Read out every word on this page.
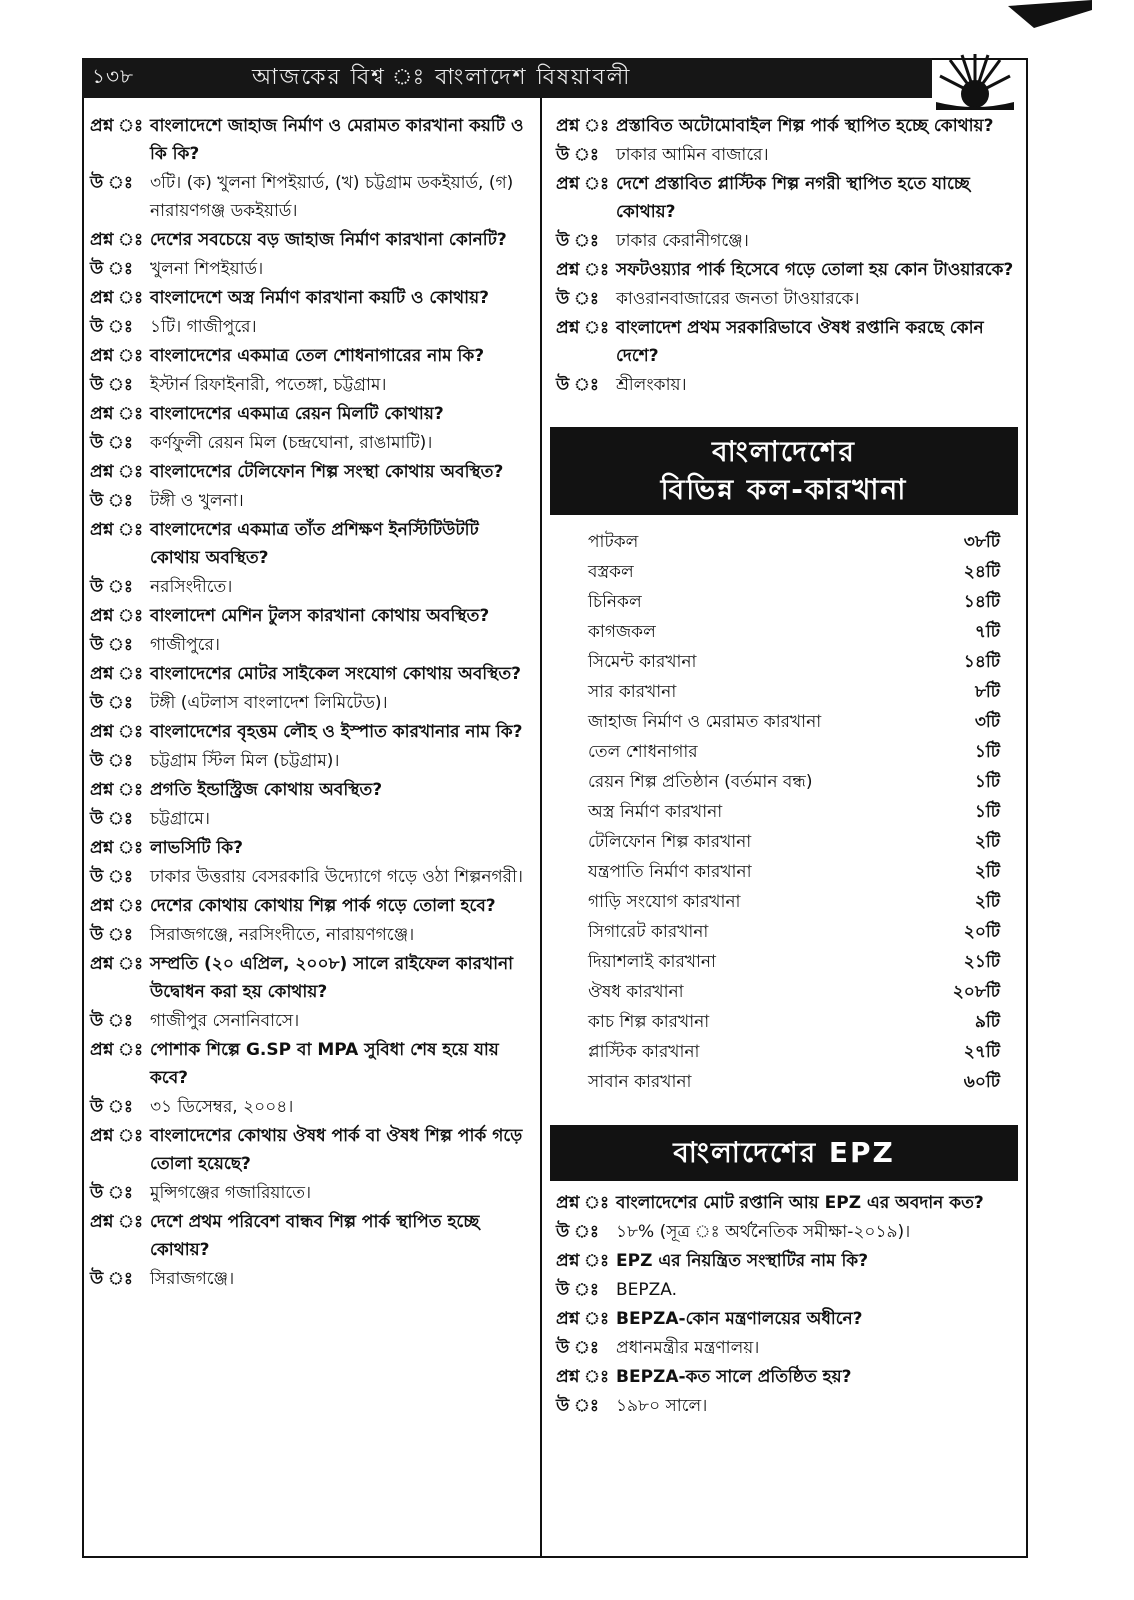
১৩৮	আজকের বিশ্ব ঃ বাংলাদেশ বিষয়াবলী
প্রশ্ন ঃ বাংলাদেশে জাহাজ নির্মাণ ও মেরামত কারখানা কয়টি ও কি কি?
উ ঃ	৩টি। (ক) খুলনা শিপইয়ার্ড, (খ) চট্টগ্রাম ডকইয়ার্ড, (গ) নারায়ণগঞ্জ ডকইয়ার্ড।
প্রশ্ন ঃ দেশের সবচেয়ে বড় জাহাজ নির্মাণ কারখানা কোনটি?
উ ঃ	খুলনা শিপইয়ার্ড।
প্রশ্ন ঃ বাংলাদেশে অস্ত্র নির্মাণ কারখানা কয়টি ও কোথায়?
উ ঃ	১টি। গাজীপুরে।
প্রশ্ন ঃ বাংলাদেশের একমাত্র তেল শোধনাগারের নাম কি?
উ ঃ	ইস্টার্ন রিফাইনারী, পতেঙ্গা, চট্টগ্রাম।
প্রশ্ন ঃ বাংলাদেশের একমাত্র রেয়ন মিলটি কোথায়?
উ ঃ	কর্ণফুলী রেয়ন মিল (চন্দ্রঘোনা, রাঙামাটি)।
প্রশ্ন ঃ বাংলাদেশের টেলিফোন শিল্প সংস্থা কোথায় অবস্থিত?
উ ঃ	টঙ্গী ও খুলনা।
প্রশ্ন ঃ বাংলাদেশের একমাত্র তাঁত প্রশিক্ষণ ইনস্টিটিউটটি কোথায় অবস্থিত?
উ ঃ	নরসিংদীতে।
প্রশ্ন ঃ বাংলাদেশ মেশিন টুলস কারখানা কোথায় অবস্থিত?
উ ঃ	গাজীপুরে।
প্রশ্ন ঃ বাংলাদেশের মোটর সাইকেল সংযোগ কোথায় অবস্থিত?
উ ঃ	টঙ্গী (এটলাস বাংলাদেশ লিমিটেড)।
প্রশ্ন ঃ বাংলাদেশের বৃহত্তম লৌহ ও ইস্পাত কারখানার নাম কি?
উ ঃ	চট্টগ্রাম স্টিল মিল (চট্টগ্রাম)।
প্রশ্ন ঃ প্রগতি ইন্ডাস্ট্রিজ কোথায় অবস্থিত?
উ ঃ	চট্টগ্রামে।
প্রশ্ন ঃ লাভসিটি কি?
উ ঃ	ঢাকার উত্তরায় বেসরকারি উদ্যোগে গড়ে ওঠা শিল্পনগরী।
প্রশ্ন ঃ দেশের কোথায় কোথায় শিল্প পার্ক গড়ে তোলা হবে?
উ ঃ	সিরাজগঞ্জে, নরসিংদীতে, নারায়ণগঞ্জে।
প্রশ্ন ঃ সম্প্রতি (২০ এপ্রিল, ২০০৮) সালে রাইফেল কারখানা উদ্বোধন করা হয় কোথায়?
উ ঃ	গাজীপুর সেনানিবাসে।
প্রশ্ন ঃ পোশাক শিল্পে G.SP বা MPA সুবিধা শেষ হয়ে যায় কবে?
উ ঃ	৩১ ডিসেম্বর, ২০০৪।
প্রশ্ন ঃ বাংলাদেশের কোথায় ঔষধ পার্ক বা ঔষধ শিল্প পার্ক গড়ে তোলা হয়েছে?
উ ঃ	মুন্সিগঞ্জের গজারিয়াতে।
প্রশ্ন ঃ দেশে প্রথম পরিবেশ বান্ধব শিল্প পার্ক স্থাপিত হচ্ছে কোথায়?
উ ঃ	সিরাজগঞ্জে।
প্রশ্ন ঃ প্রস্তাবিত অটোমোবাইল শিল্প পার্ক স্থাপিত হচ্ছে কোথায়?
উ ঃ	ঢাকার আমিন বাজারে।
প্রশ্ন ঃ দেশে প্রস্তাবিত প্লাস্টিক শিল্প নগরী স্থাপিত হতে যাচ্ছে কোথায়?
উ ঃ	ঢাকার কেরানীগঞ্জে।
প্রশ্ন ঃ সফটওয়্যার পার্ক হিসেবে গড়ে তোলা হয় কোন টাওয়ারকে?
উ ঃ	কাওরানবাজারের জনতা টাওয়ারকে।
প্রশ্ন ঃ বাংলাদেশ প্রথম সরকারিভাবে ঔষধ রপ্তানি করছে কোন দেশে?
উ ঃ	শ্রীলংকায়।
বাংলাদেশের
বিভিন্ন কল-কারখানা
পাটকল	৩৮টি
বস্ত্রকল	২৪টি
চিনিকল	১৪টি
কাগজকল	৭টি
সিমেন্ট কারখানা	১৪টি
সার কারখানা	৮টি
জাহাজ নির্মাণ ও মেরামত কারখানা	৩টি
তেল শোধনাগার	১টি
রেয়ন শিল্প প্রতিষ্ঠান (বর্তমান বন্ধ)	১টি
অস্ত্র নির্মাণ কারখানা	১টি
টেলিফোন শিল্প কারখানা	২টি
যন্ত্রপাতি নির্মাণ কারখানা	২টি
গাড়ি সংযোগ কারখানা	২টি
সিগারেট কারখানা	২০টি
দিয়াশলাই কারখানা	২১টি
ঔষধ কারখানা	২০৮টি
কাচ শিল্প কারখানা	৯টি
প্লাস্টিক কারখানা	২৭টি
সাবান কারখানা	৬০টি
বাংলাদেশের EPZ
প্রশ্ন ঃ বাংলাদেশের মোট রপ্তানি আয় EPZ এর অবদান কত?
উ ঃ	১৮% (সূত্র ঃ অর্থনৈতিক সমীক্ষা-২০১৯)।
প্রশ্ন ঃ EPZ এর নিয়ন্ত্রিত সংস্থাটির নাম কি?
উ ঃ	BEPZA.
প্রশ্ন ঃ BEPZA-কোন মন্ত্রণালয়ের অধীনে?
উ ঃ	প্রধানমন্ত্রীর মন্ত্রণালয়।
প্রশ্ন ঃ BEPZA-কত সালে প্রতিষ্ঠিত হয়?
উ ঃ	১৯৮০ সালে।
